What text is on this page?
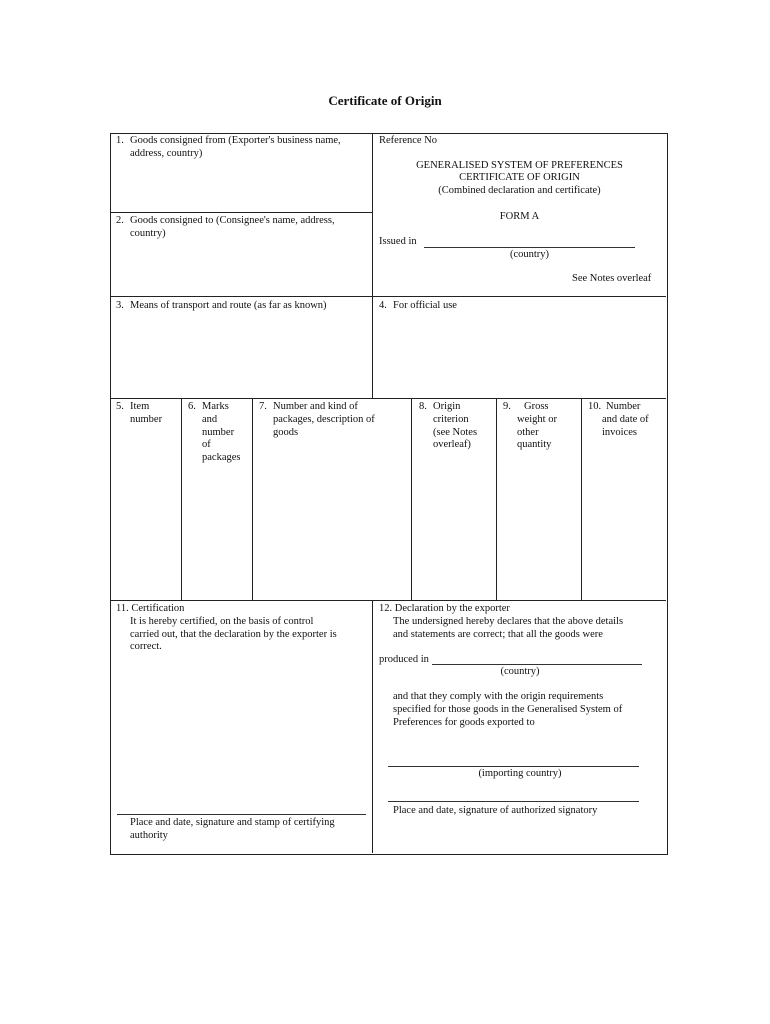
Certificate of Origin
1. Goods consigned from (Exporter's business name,
address, country)
2. Goods consigned to (Consignee's name, address,
country)
Reference No
GENERALISED SYSTEM OF PREFERENCES
CERTIFICATE OF ORIGIN
(Combined declaration and certificate)
FORM A
Issued in
(country)
See Notes overleaf
3. Means of transport and route (as far as known)	4. For official use
5. Item
number
6. Marks
and
number
of
packages
7. Number and kind of
packages, description of
goods
8. Origin
criterion
(see Notes
overleaf)
9. Gross
weight or
other
quantity
10. Number
and date of
invoices
11. Certification
It is hereby certified, on the basis of control
carried out, that the declaration by the exporter is
correct.
Place and date, signature and stamp of certifying
authority
12. Declaration by the exporter
The undersigned hereby declares that the above details
and statements are correct; that all the goods were
produced in
(country)
and that they comply with the origin requirements
specified for those goods in the Generalised System of
Preferences for goods exported to
(importing country)
Place and date, signature of authorized signatory
